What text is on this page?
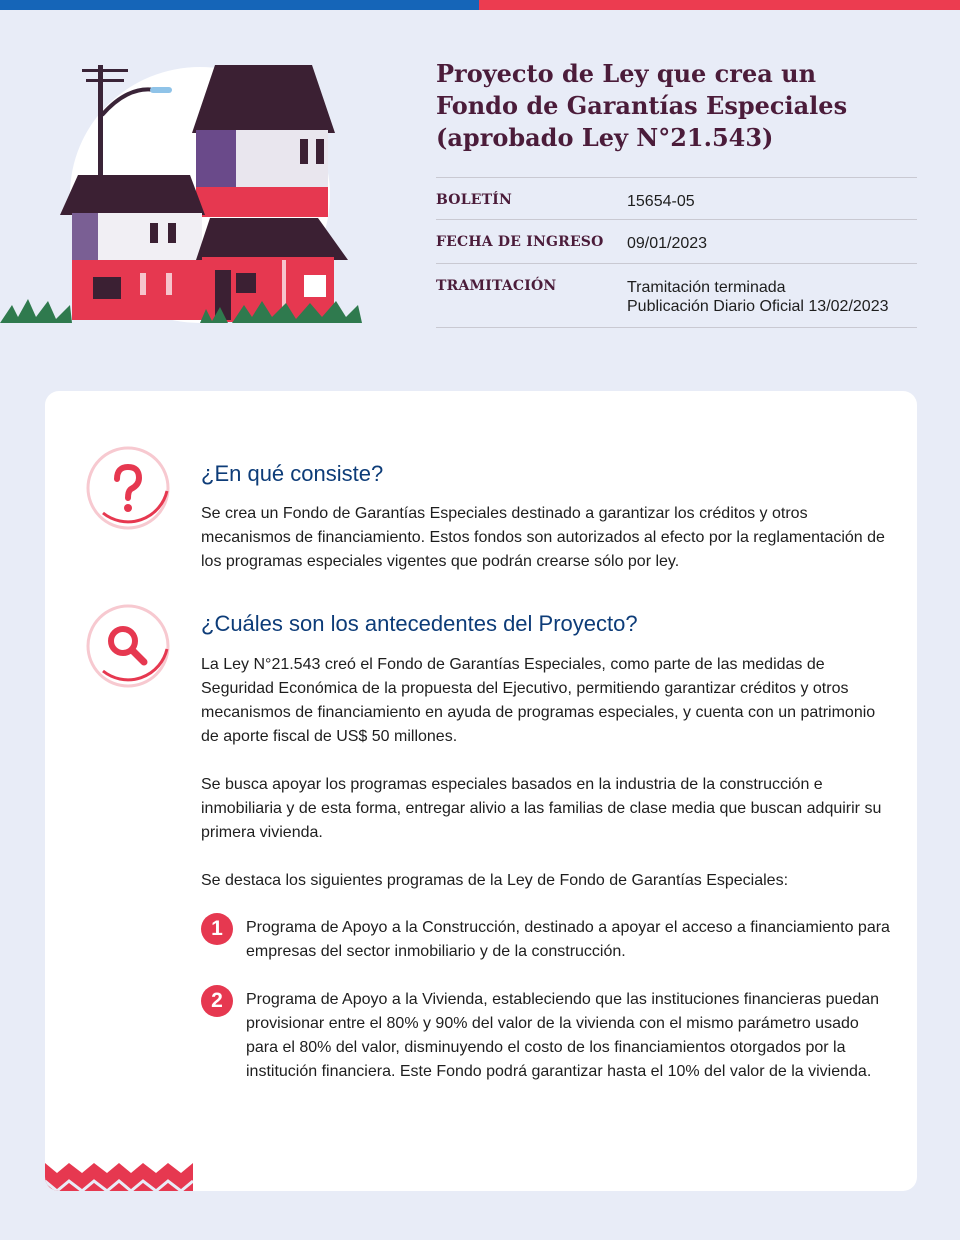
Proyecto de Ley que crea un Fondo de Garantías Especiales (aprobado Ley N°21.543)
BOLETÍN	15654-05
FECHA DE INGRESO	09/01/2023
TRAMITACIÓN	Tramitación terminada
Publicación Diario Oficial 13/02/2023
¿En qué consiste?

Se crea un Fondo de Garantías Especiales destinado a garantizar los créditos y otros mecanismos de financiamiento. Estos fondos son autorizados al efecto por la reglamentación de los programas especiales vigentes que podrán crearse sólo por ley.

¿Cuáles son los antecedentes del Proyecto?

La Ley N°21.543 creó el Fondo de Garantías Especiales, como parte de las medidas de Seguridad Económica de la propuesta del Ejecutivo, permitiendo garantizar créditos y otros mecanismos de financiamiento en ayuda de programas especiales, y cuenta con un patrimonio de aporte fiscal de US$ 50 millones.

Se busca apoyar los programas especiales basados en la industria de la construcción e inmobiliaria y de esta forma, entregar alivio a las familias de clase media que buscan adquirir su primera vivienda.

Se destaca los siguientes programas de la Ley de Fondo de Garantías Especiales:

1	Programa de Apoyo a la Construcción, destinado a apoyar el acceso a financiamiento para empresas del sector inmobiliario y de la construcción.
2	Programa de Apoyo a la Vivienda, estableciendo que las instituciones financieras puedan provisionar entre el 80% y 90% del valor de la vivienda con el mismo parámetro usado para el 80% del valor, disminuyendo el costo de los financiamientos otorgados por la institución financiera. Este Fondo podrá garantizar hasta el 10% del valor de la vivienda.
